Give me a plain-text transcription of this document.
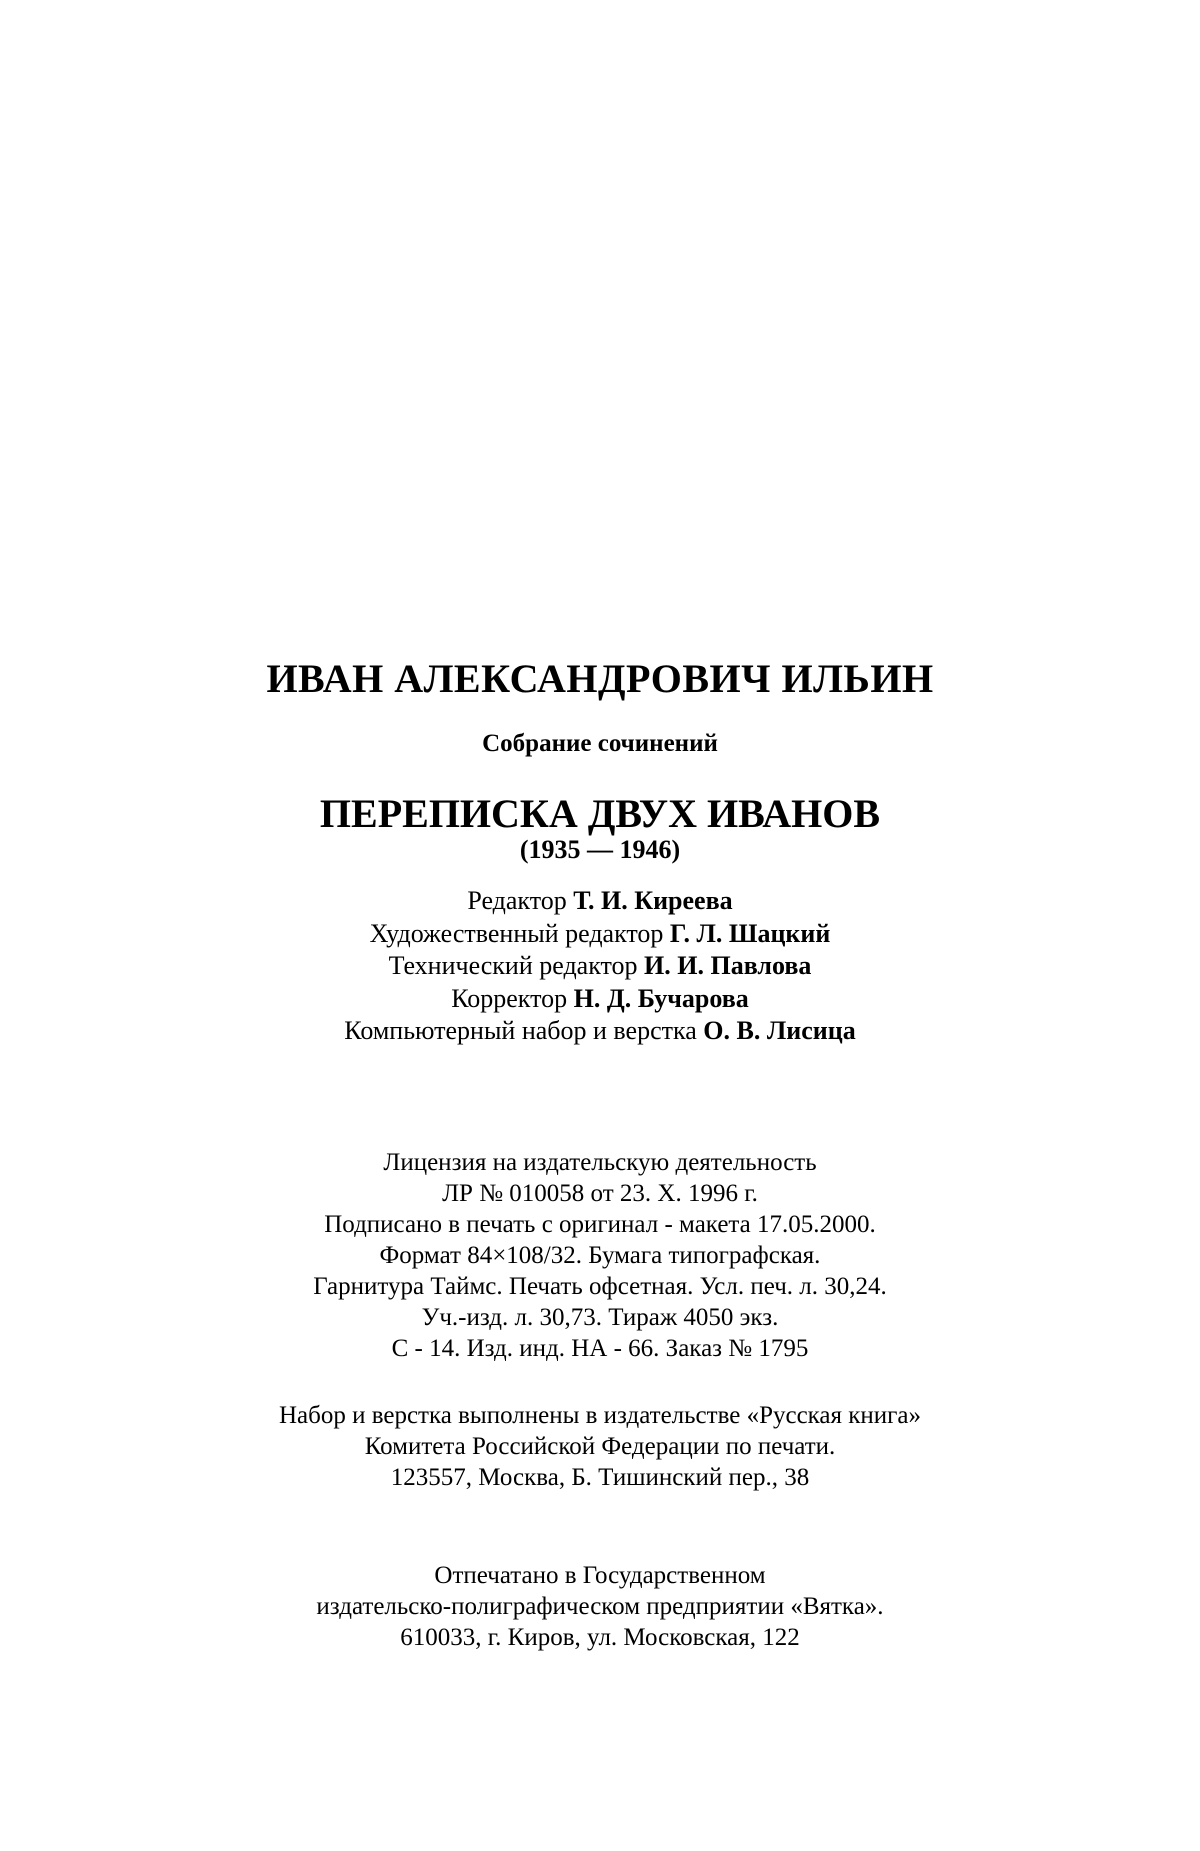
ИВАН АЛЕКСАНДРОВИЧ ИЛЬИН
Собрание сочинений
ПЕРЕПИСКА ДВУХ ИВАНОВ
(1935 — 1946)
Редактор Т. И. Киреева
Художественный редактор Г. Л. Шацкий
Технический редактор И. И. Павлова
Корректор Н. Д. Бучарова
Компьютерный набор и верстка О. В. Лисица
Лицензия на издательскую деятельность
ЛР № 010058 от 23. X. 1996 г.
Подписано в печать с оригинал - макета 17.05.2000.
Формат 84×108/32. Бумага типографская.
Гарнитура Таймс. Печать офсетная. Усл. печ. л. 30,24.
Уч.-изд. л. 30,73. Тираж 4050 экз.
С - 14. Изд. инд. НА - 66. Заказ № 1795
Набор и верстка выполнены в издательстве «Русская книга»
Комитета Российской Федерации по печати.
123557, Москва, Б. Тишинский пер., 38
Отпечатано в Государственном
издательско-полиграфическом предприятии «Вятка».
610033, г. Киров, ул. Московская, 122
